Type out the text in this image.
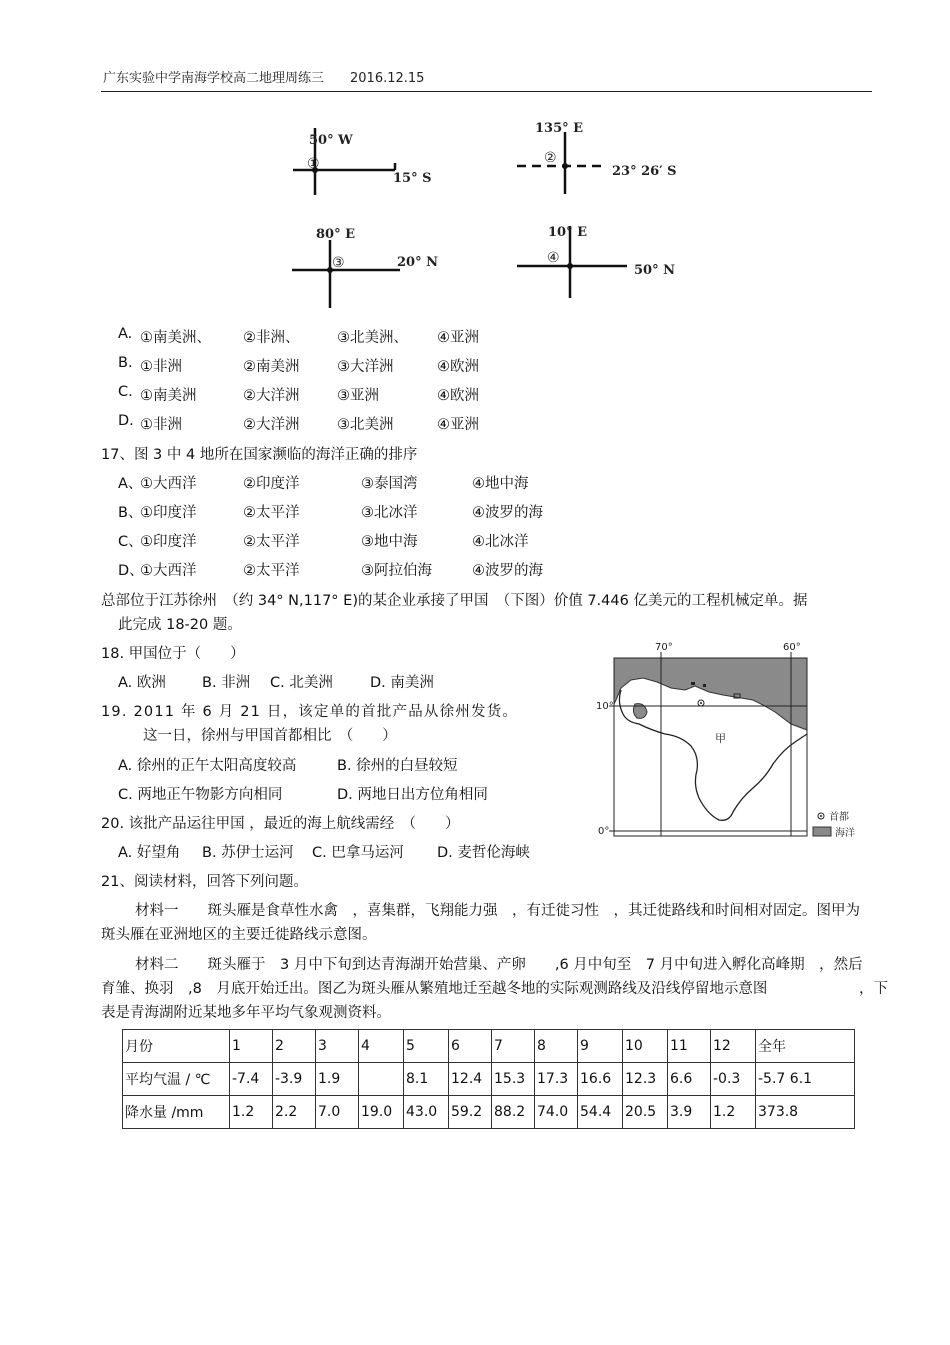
广东实验中学南海学校高二地理周练三 2016.12.15
50° W
①
15° S
135° E
②
23° 26′ S
80° E
③	20° N
10° E
④
50° N
A. ①南美洲、 ②非洲、	③北美洲、 ④亚洲
B. ①非洲	②南美洲	③大洋洲	④欧洲
C. ①南美洲	②大洋洲	③亚洲	④欧洲
D. ①非洲	②大洋洲	③北美洲	④亚洲
17、图 3 中 4 地所在国家濒临的海洋正确的排序
A、
①大西洋	②印度洋	③泰国湾	④地中海
B、
①印度洋	②太平洋	③北冰洋	④波罗的海
C、
①印度洋	②太平洋	③地中海	④北冰洋
D、
①大西洋	②太平洋	③阿拉伯海	④波罗的海
总部位于江苏徐州　（约 34° N,117° E)的某企业承接了甲国　（下图）价值 7.446 亿美元的工程机械定单。据
此完成 18-20 题。
18. 甲国位于（　　）
A. 欧洲 B. 非洲 C. 北美洲	D. 南美洲
19. 2011 年 6 月 21 日，该定单的首批产品从徐州发货。
这一日，徐州与甲国首都相比　（　　）
A. 徐州的正午太阳高度较高	B. 徐州的白昼较短
C. 两地正午物影方向相同	D. 两地日出方位角相同
20. 该批产品运往甲国 ，最近的海上航线需经　（　　）
A. 好望角 B. 苏伊士运河 C. 巴拿马运河 D. 麦哲伦海峡
70°	60°
10°
0°
甲
首都
海洋
21、阅读材料，回答下列问题。
材料一　　斑头雁是食草性水禽　，喜集群，飞翔能力强　，有迁徙习性　，其迁徙路线和时间相对固定。图甲为
斑头雁在亚洲地区的主要迁徙路线示意图。
材料二　　斑头雁于　3 月中下旬到达青海湖开始营巢、产卵　　,6 月中旬至　7 月中旬进入孵化高峰期　，然后
育雏、换羽　,8　月底开始迁出。图乙为斑头雁从繁殖地迁至越冬地的实际观测路线及沿线停留地示意图　　　　　　 ，下
表是青海湖附近某地多年平均气象观测资料。
月份	1	2	3	4	5	6	7	8	9	10	11	12	全年
平均气温 / ℃	-7.4	-3.9	1.9		8.1	12.4	15.3	17.3	16.6	12.3	6.6	-0.3	-5.7 6.1
降水量 /mm	1.2	2.2	7.0	19.0	43.0	59.2	88.2	74.0	54.4	20.5	3.9	1.2	373.8
